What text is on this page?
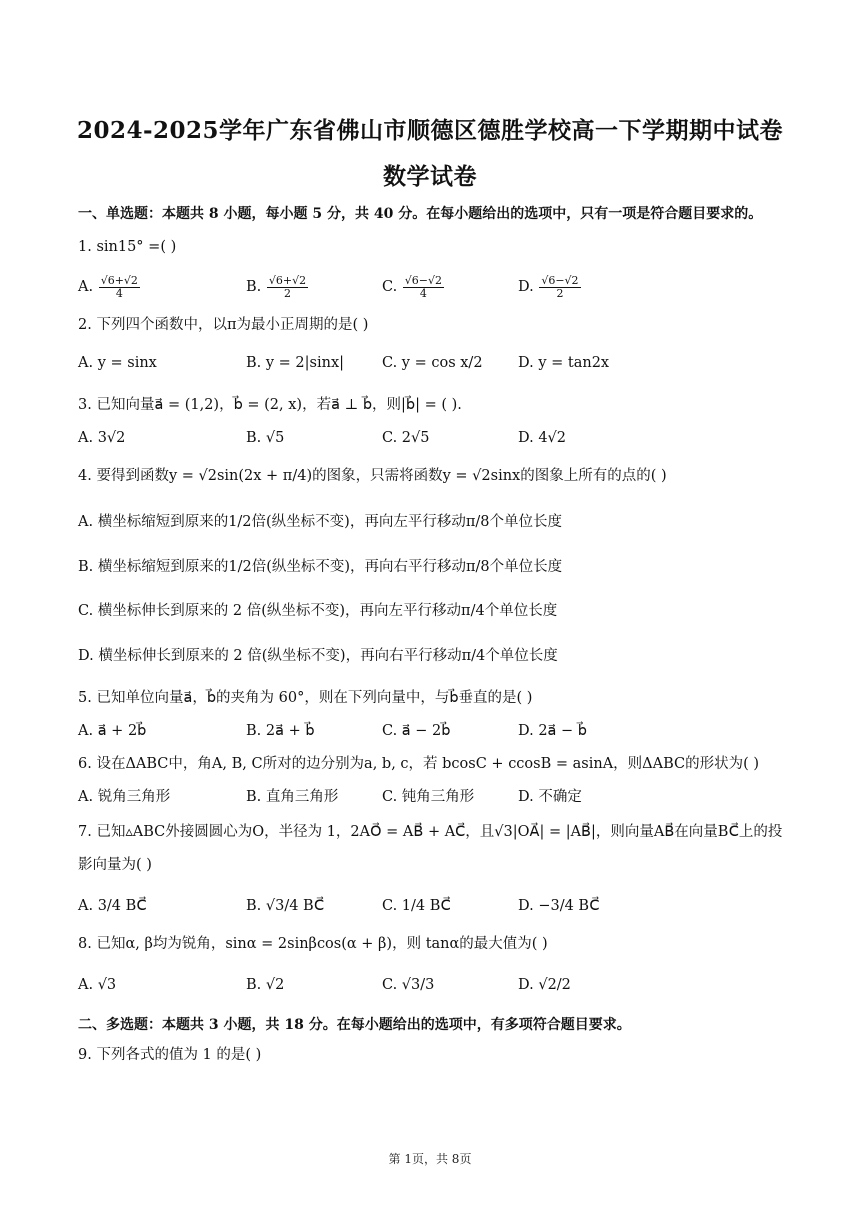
2024-2025学年广东省佛山市顺德区德胜学校高一下学期期中试卷
数学试卷
一、单选题：本题共 8 小题，每小题 5 分，共 40 分。在每小题给出的选项中，只有一项是符合题目要求的。
1. sin15° =( )
A. $\frac{√6+√2}{4}$	B. $\frac{√6+√2}{2}$	C. $\frac{√6-√2}{4}$	D. $\frac{√6-√2}{2}$
2. 下列四个函数中，以π为最小正周期的是( )
A. y = sinx	B. y = 2|sinx|	C. y = cos x/2 D. y = tan2x
3. 已知向量a⃗ = (1,2)，b⃗ = (2, x)，若a⃗ ⊥ b⃗，则|b⃗| = ( ).
A. 3√2	B. √5	C. 2√5	D. 4√2
4. 要得到函数y = √2sin(2x + π/4)的图象，只需将函数y = √2sinx的图象上所有的点的( )
A. 横坐标缩短到原来的1/2倍(纵坐标不变)，再向左平行移动π/8个单位长度
B. 横坐标缩短到原来的1/2倍(纵坐标不变)，再向右平行移动π/8个单位长度
C. 横坐标伸长到原来的 2 倍(纵坐标不变)，再向左平行移动π/4个单位长度
D. 横坐标伸长到原来的 2 倍(纵坐标不变)，再向右平行移动π/4个单位长度
5. 已知单位向量a⃗，b⃗的夹角为 60°，则在下列向量中，与b⃗垂直的是( )
A. a⃗ + 2b⃗	B. 2a⃗ + b⃗	C. a⃗ − 2b⃗	D. 2a⃗ − b⃗
6. 设在ΔABC中，角A, B, C所对的边分别为a, b, c，若 bcosC + ccosB = asinA，则ΔABC的形状为( )
A. 锐角三角形	B. 直角三角形	C. 钝角三角形	D. 不确定
7. 已知▵ABC外接圆圆心为O，半径为 1，2AO⃗ = AB⃗ + AC⃗，且√3|OA⃗| = |AB⃗|，则向量AB⃗在向量BC⃗上的投
影向量为( )
A. 3/4 BC⃗	B. √3/4 BC⃗	C. 1/4 BC⃗	D. −3/4 BC⃗
8. 已知α, β均为锐角，sinα = 2sinβcos(α + β)，则 tanα的最大值为( )
A. √3	B. √2	C. √3/3	D. √2/2
二、多选题：本题共 3 小题，共 18 分。在每小题给出的选项中，有多项符合题目要求。
9. 下列各式的值为 1 的是( )
第 1页，共 8页
